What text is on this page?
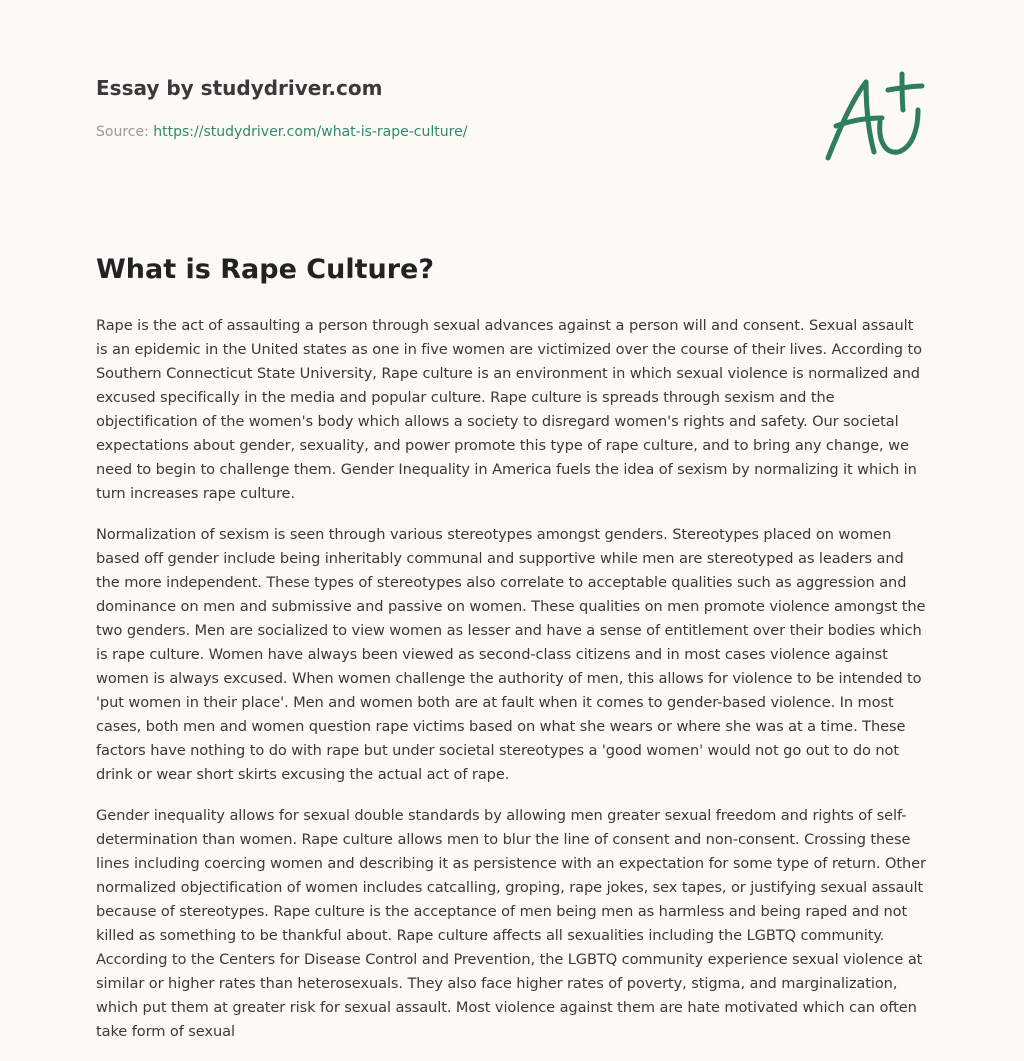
Essay by studydriver.com
Source: https://studydriver.com/what-is-rape-culture/
What is Rape Culture?

Rape is the act of assaulting a person through sexual advances against a person will and consent. Sexual assault is an epidemic in the United states as one in five women are victimized over the course of their lives. According to Southern Connecticut State University, Rape culture is an environment in which sexual violence is normalized and excused specifically in the media and popular culture. Rape culture is spreads through sexism and the objectification of the women's body which allows a society to disregard women's rights and safety. Our societal expectations about gender, sexuality, and power promote this type of rape culture, and to bring any change, we need to begin to challenge them. Gender Inequality in America fuels the idea of sexism by normalizing it which in turn increases rape culture.

Normalization of sexism is seen through various stereotypes amongst genders. Stereotypes placed on women based off gender include being inheritably communal and supportive while men are stereotyped as leaders and the more independent. These types of stereotypes also correlate to acceptable qualities such as aggression and dominance on men and submissive and passive on women. These qualities on men promote violence amongst the two genders. Men are socialized to view women as lesser and have a sense of entitlement over their bodies which is rape culture. Women have always been viewed as second-class citizens and in most cases violence against women is always excused. When women challenge the authority of men, this allows for violence to be intended to 'put women in their place'. Men and women both are at fault when it comes to gender-based violence. In most cases, both men and women question rape victims based on what she wears or where she was at a time. These factors have nothing to do with rape but under societal stereotypes a 'good women' would not go out to do not drink or wear short skirts excusing the actual act of rape.

Gender inequality allows for sexual double standards by allowing men greater sexual freedom and rights of self-determination than women. Rape culture allows men to blur the line of consent and non-consent. Crossing these lines including coercing women and describing it as persistence with an expectation for some type of return. Other normalized objectification of women includes catcalling, groping, rape jokes, sex tapes, or justifying sexual assault because of stereotypes. Rape culture is the acceptance of men being men as harmless and being raped and not killed as something to be thankful about. Rape culture affects all sexualities including the LGBTQ community. According to the Centers for Disease Control and Prevention, the LGBTQ community experience sexual violence at similar or higher rates than heterosexuals. They also face higher rates of poverty, stigma, and marginalization, which put them at greater risk for sexual assault. Most violence against them are hate motivated which can often take form of sexual
